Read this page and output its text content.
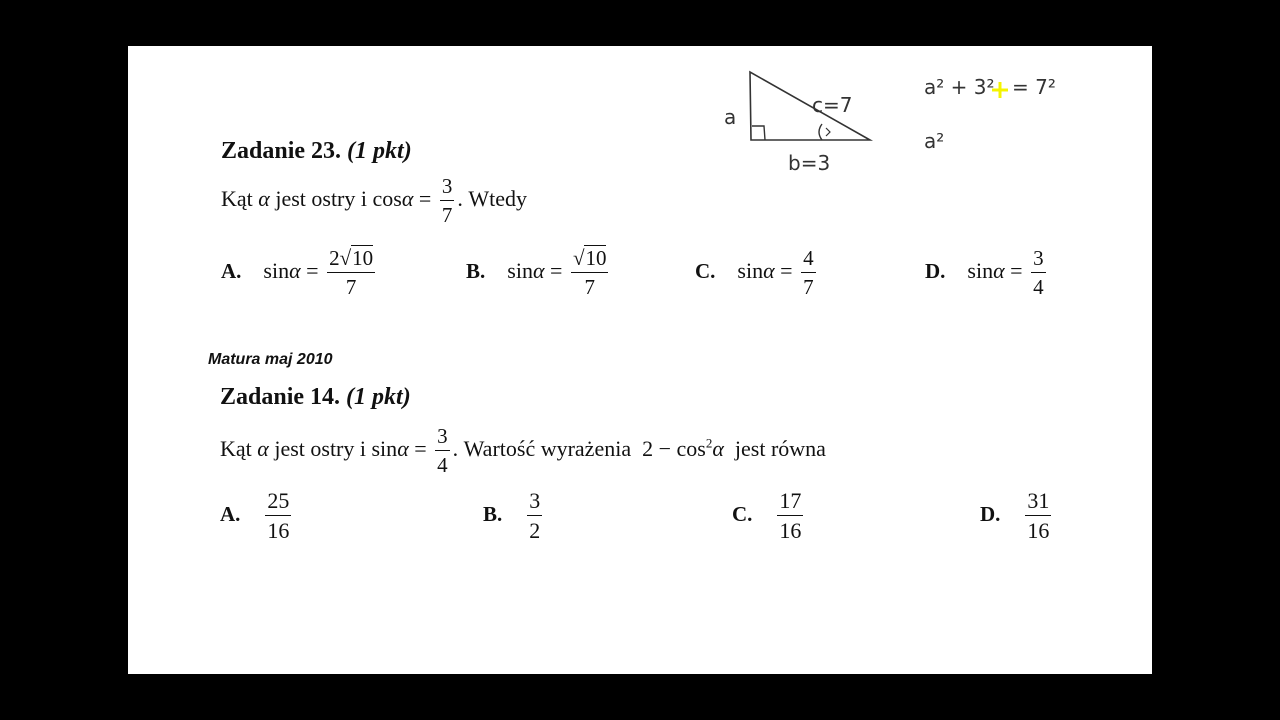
a	c=7
b=3
a² + 3² = 7²
a²
Zadanie 23. (1 pkt)
Kąt α jest ostry i $\cos\alpha = \frac{3}{7}$ . Wtedy
A. $\sin\alpha = \frac{2√10}{7}$	B. $\sin\alpha = \frac{√10}{7}$	C. $\sin\alpha = \frac{4}{7}$	D. $\sin\alpha = \frac{3}{4}$
Matura maj 2010
Zadanie 14. (1 pkt)
Kąt α jest ostry i $\sin\alpha = \frac{3}{4}$ . Wartość wyrażenia $2 - \cos^2\alpha$ jest równa
A. $\frac{25}{16}$	B. $\frac{3}{2}$	C. $\frac{17}{16}$	D. $\frac{31}{16}$
